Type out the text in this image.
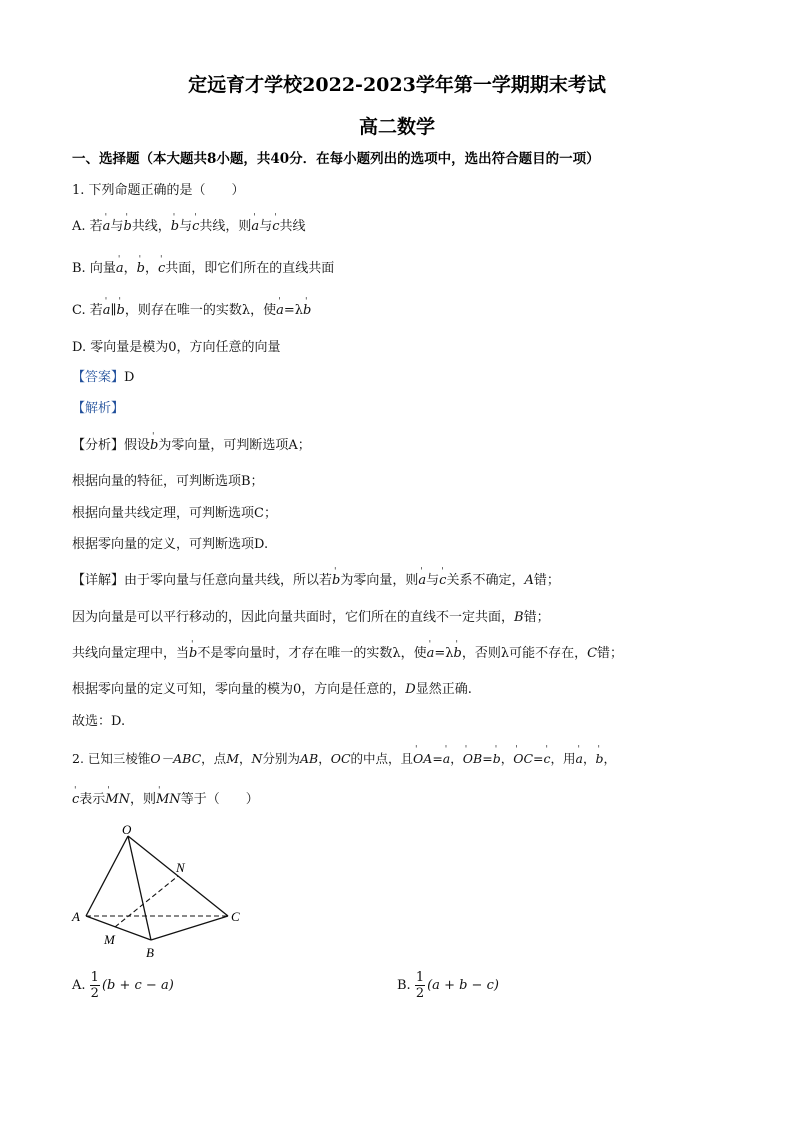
定远育才学校2022-2023学年第一学期期末考试
高二数学
一、选择题（本大题共8小题，共40分．在每小题列出的选项中，选出符合题目的一项）
1. 下列命题正确的是（　　）
A. 若' a与' b共线，' b与' c共线，则' a与' c共线
B. 向量' a，' b，' c共面，即它们所在的直线共面
C. 若' a∥' b，则存在唯一的实数λ，使' a=λ' b
D. 零向量是模为0，方向任意的向量
【答案】D
【解析】
【分析】假设' b为零向量，可判断选项A；
根据向量的特征，可判断选项B；
根据向量共线定理，可判断选项C；
根据零向量的定义，可判断选项D.
【详解】由于零向量与任意向量共线，所以若' b为零向量，则' a与' c关系不确定，A错；
因为向量是可以平行移动的，因此向量共面时，它们所在的直线不一定共面，B错；
共线向量定理中，当' b不是零向量时，才存在唯一的实数λ，使' a=λ' b，否则λ可能不存在，C错；
根据零向量的定义可知，零向量的模为0，方向是任意的，D显然正确.
故选：D.
2. 已知三棱锥O－ABC，点M，N分别为AB，OC的中点，且' OA=' a，' OB=' b，' OC=' c，用' a，' b，
' c表示' MN，则' MN等于（　　）
O
N
A	C
M
B
A. $\frac{1}{2} (b + c - a)$	B. $\frac{1}{2} (a + b - c)$
